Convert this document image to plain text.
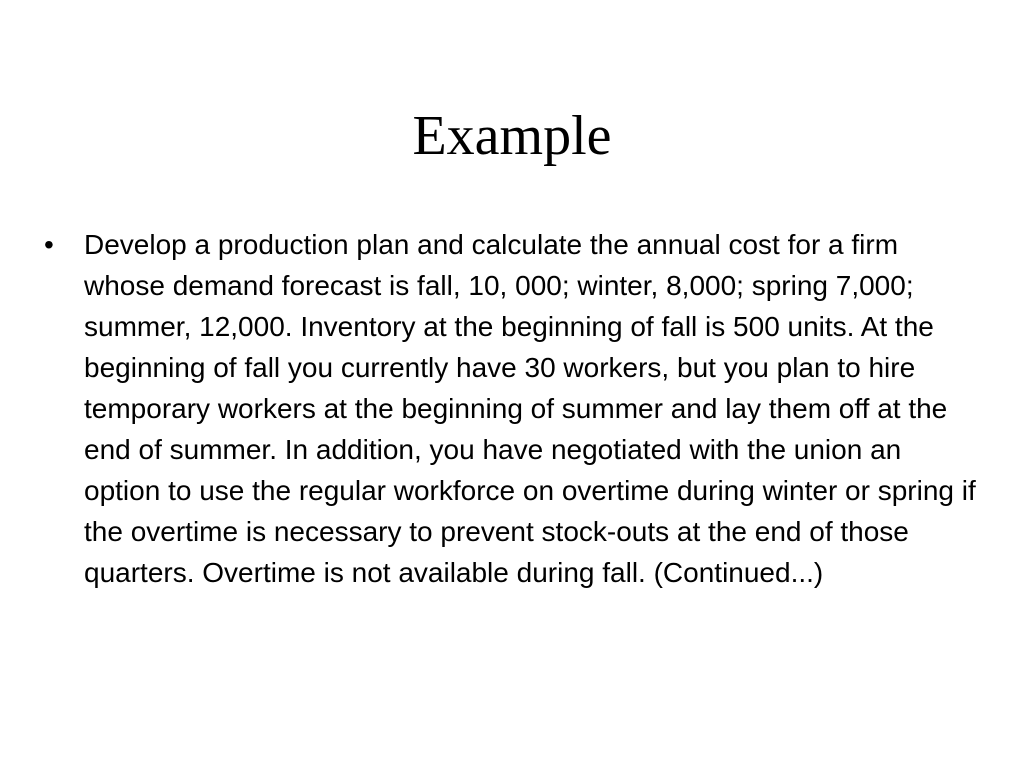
Example
•	Develop a production plan and calculate the annual cost for a firm whose demand forecast is fall, 10, 000; winter, 8,000; spring 7,000; summer, 12,000. Inventory at the beginning of fall is 500 units. At the beginning of fall you currently have 30 workers, but you plan to hire temporary workers at the beginning of summer and lay them off at the end of summer. In addition, you have negotiated with the union an option to use the regular workforce on overtime during winter or spring if the overtime is necessary to prevent stock-outs at the end of those quarters. Overtime is not available during fall. (Continued...)
